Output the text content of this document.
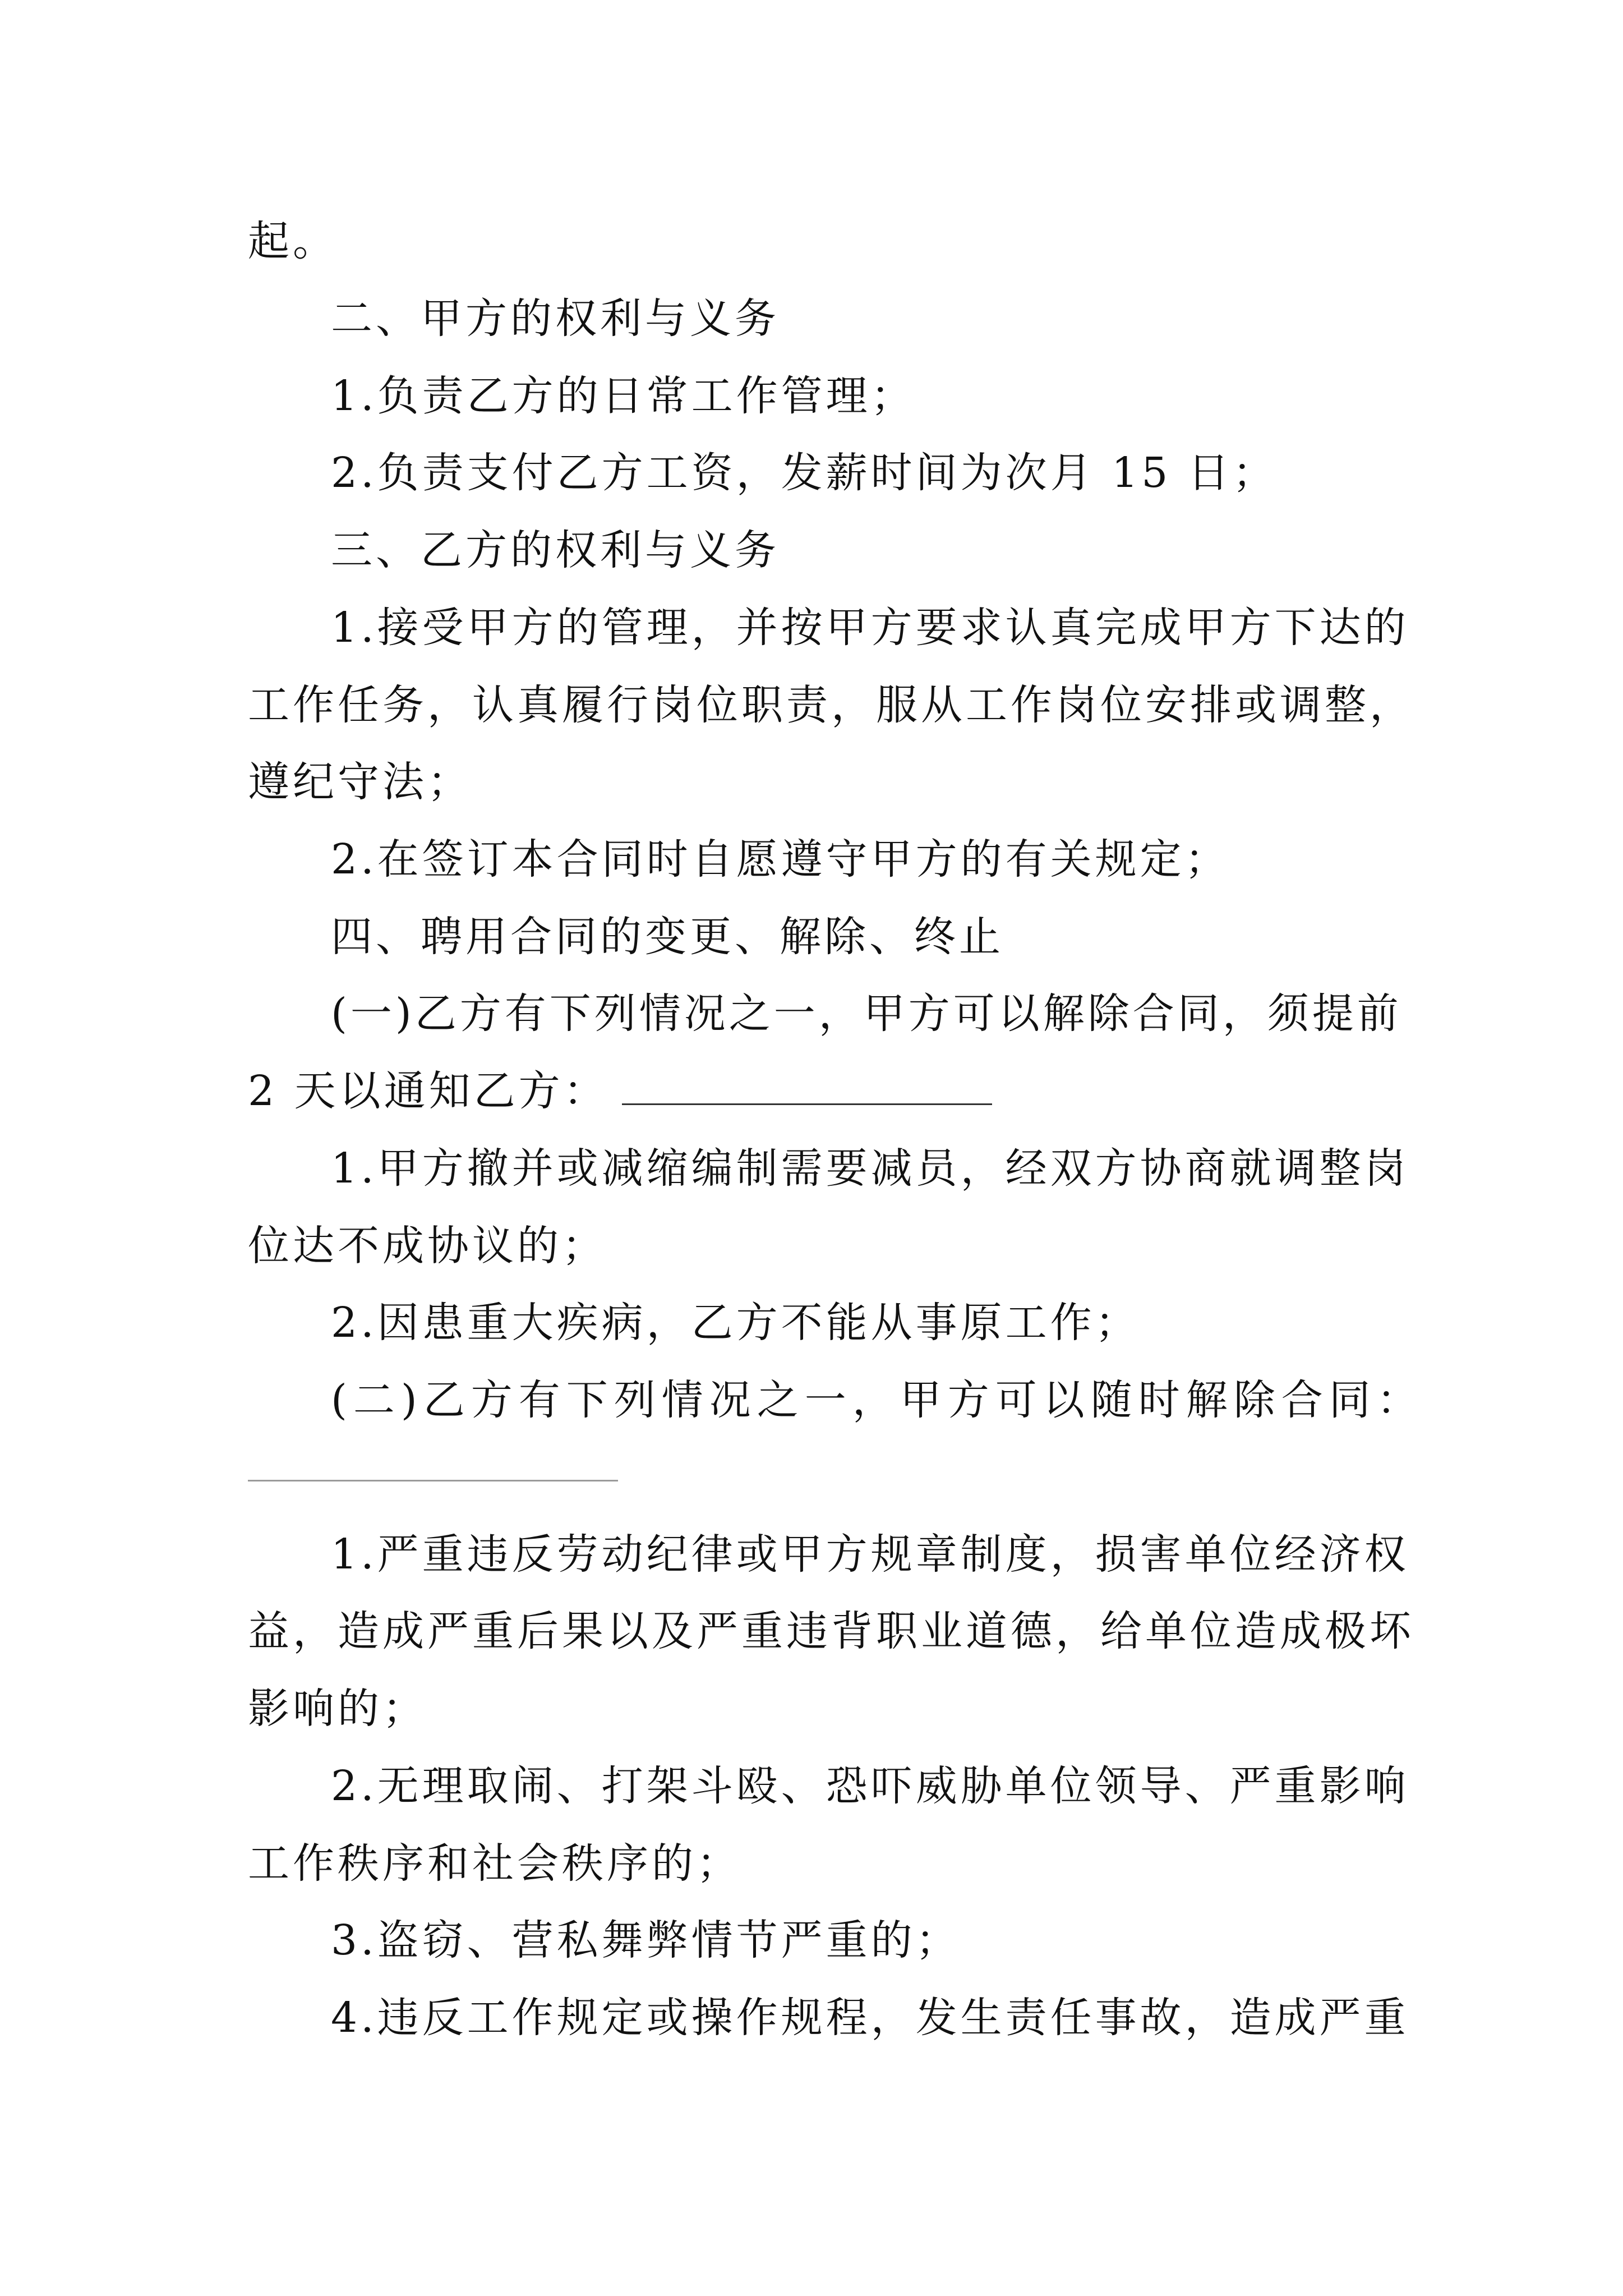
起。

二、甲方的权利与义务

1.负责乙方的日常工作管理；

2.负责支付乙方工资，发薪时间为次月 15 日；

三、乙方的权利与义务

1.接受甲方的管理，并按甲方要求认真完成甲方下达的

工作任务，认真履行岗位职责，服从工作岗位安排或调整，

遵纪守法；

2.在签订本合同时自愿遵守甲方的有关规定；

四、聘用合同的变更、解除、终止

(一)乙方有下列情况之一，甲方可以解除合同，须提前

2 天以通知乙方：

1.甲方撤并或减缩编制需要减员，经双方协商就调整岗

位达不成协议的；

2.因患重大疾病，乙方不能从事原工作；

(二)乙方有下列情况之一，甲方可以随时解除合同：

1.严重违反劳动纪律或甲方规章制度，损害单位经济权

益，造成严重后果以及严重违背职业道德，给单位造成极坏

影响的；

2.无理取闹、打架斗殴、恐吓威胁单位领导、严重影响

工作秩序和社会秩序的；

3.盗窃、营私舞弊情节严重的；

4.违反工作规定或操作规程，发生责任事故，造成严重
